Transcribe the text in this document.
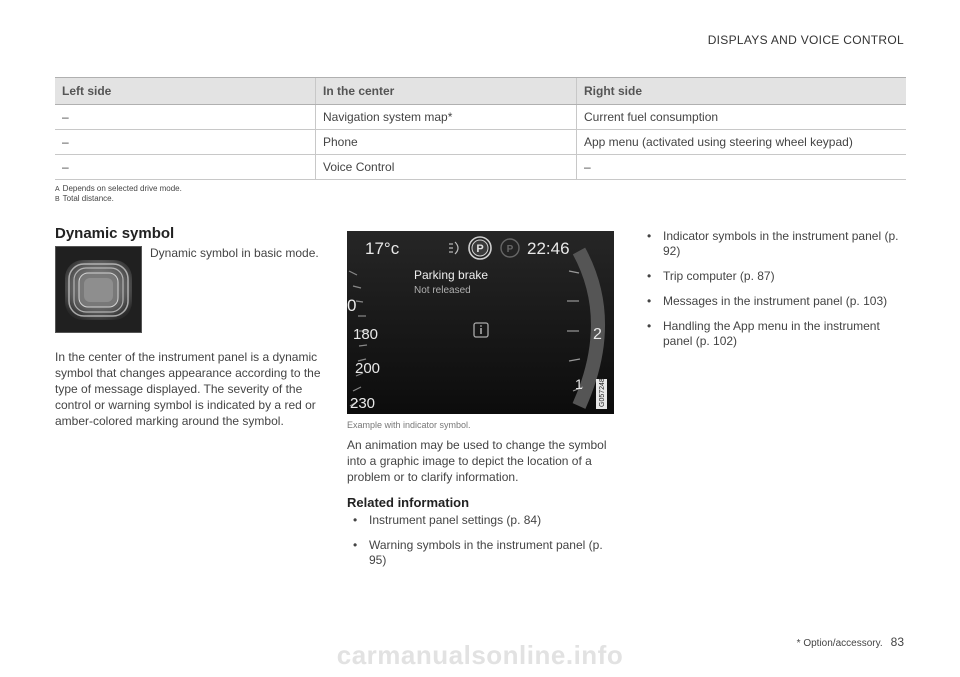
DISPLAYS AND VOICE CONTROL
Left side	In the center	Right side
–	Navigation system map*	Current fuel consumption
–	Phone	App menu (activated using steering wheel keypad)
–	Voice Control	–
A Depends on selected drive mode.
B Total distance.
Dynamic symbol
Dynamic symbol in basic mode.

In the center of the instrument panel is a dynamic symbol that changes appearance according to the type of message displayed. The severity of the control or warning symbol is indicated by a red or amber-colored marking around the symbol.

P P
17°c	22:46
Parking brake
Not released
0
180
200
230
2
1 G057248
Example with indicator symbol.

An animation may be used to change the symbol into a graphic image to depict the location of a problem or to clarify information.

Related information
• Instrument panel settings (p. 84)
• Warning symbols in the instrument panel (p. 95)
• Indicator symbols in the instrument panel (p. 92)
• Trip computer (p. 87)
• Messages in the instrument panel (p. 103)
• Handling the App menu in the instrument panel (p. 102)
* Option/accessory. 83
carmanualsonline.info
